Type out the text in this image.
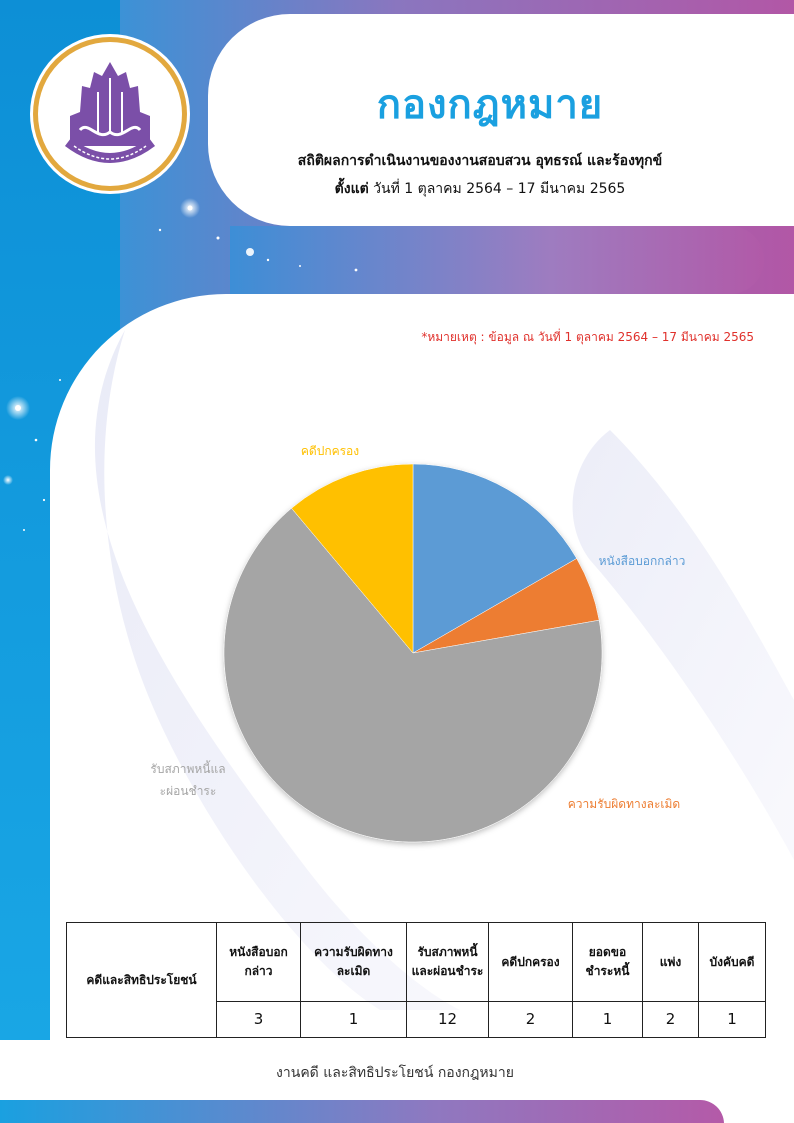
กองกฎหมาย
สถิติผลการดำเนินงานของงานสอบสวน อุทธรณ์ และร้องทุกข์
ตั้งแต่ วันที่ 1 ตุลาคม 2564 – 17 มีนาคม 2565
*หมายเหตุ : ข้อมูล ณ วันที่ 1 ตุลาคม 2564 – 17 มีนาคม 2565
หนังสือบอกกล่าว
ความรับผิดทางละเมิด
รับสภาพหนี้และผ่อนชำระ
คดีปกครอง
คดีและสิทธิประโยชน์	หนังสือบอกกล่าว	ความรับผิดทางละเมิด	รับสภาพหนี้และผ่อนชำระ	คดีปกครอง	ยอดขอชำระหนี้	แพ่ง	บังคับคดี
	3	1	12	2	1	2	1
งานคดี และสิทธิประโยชน์ กองกฎหมาย
